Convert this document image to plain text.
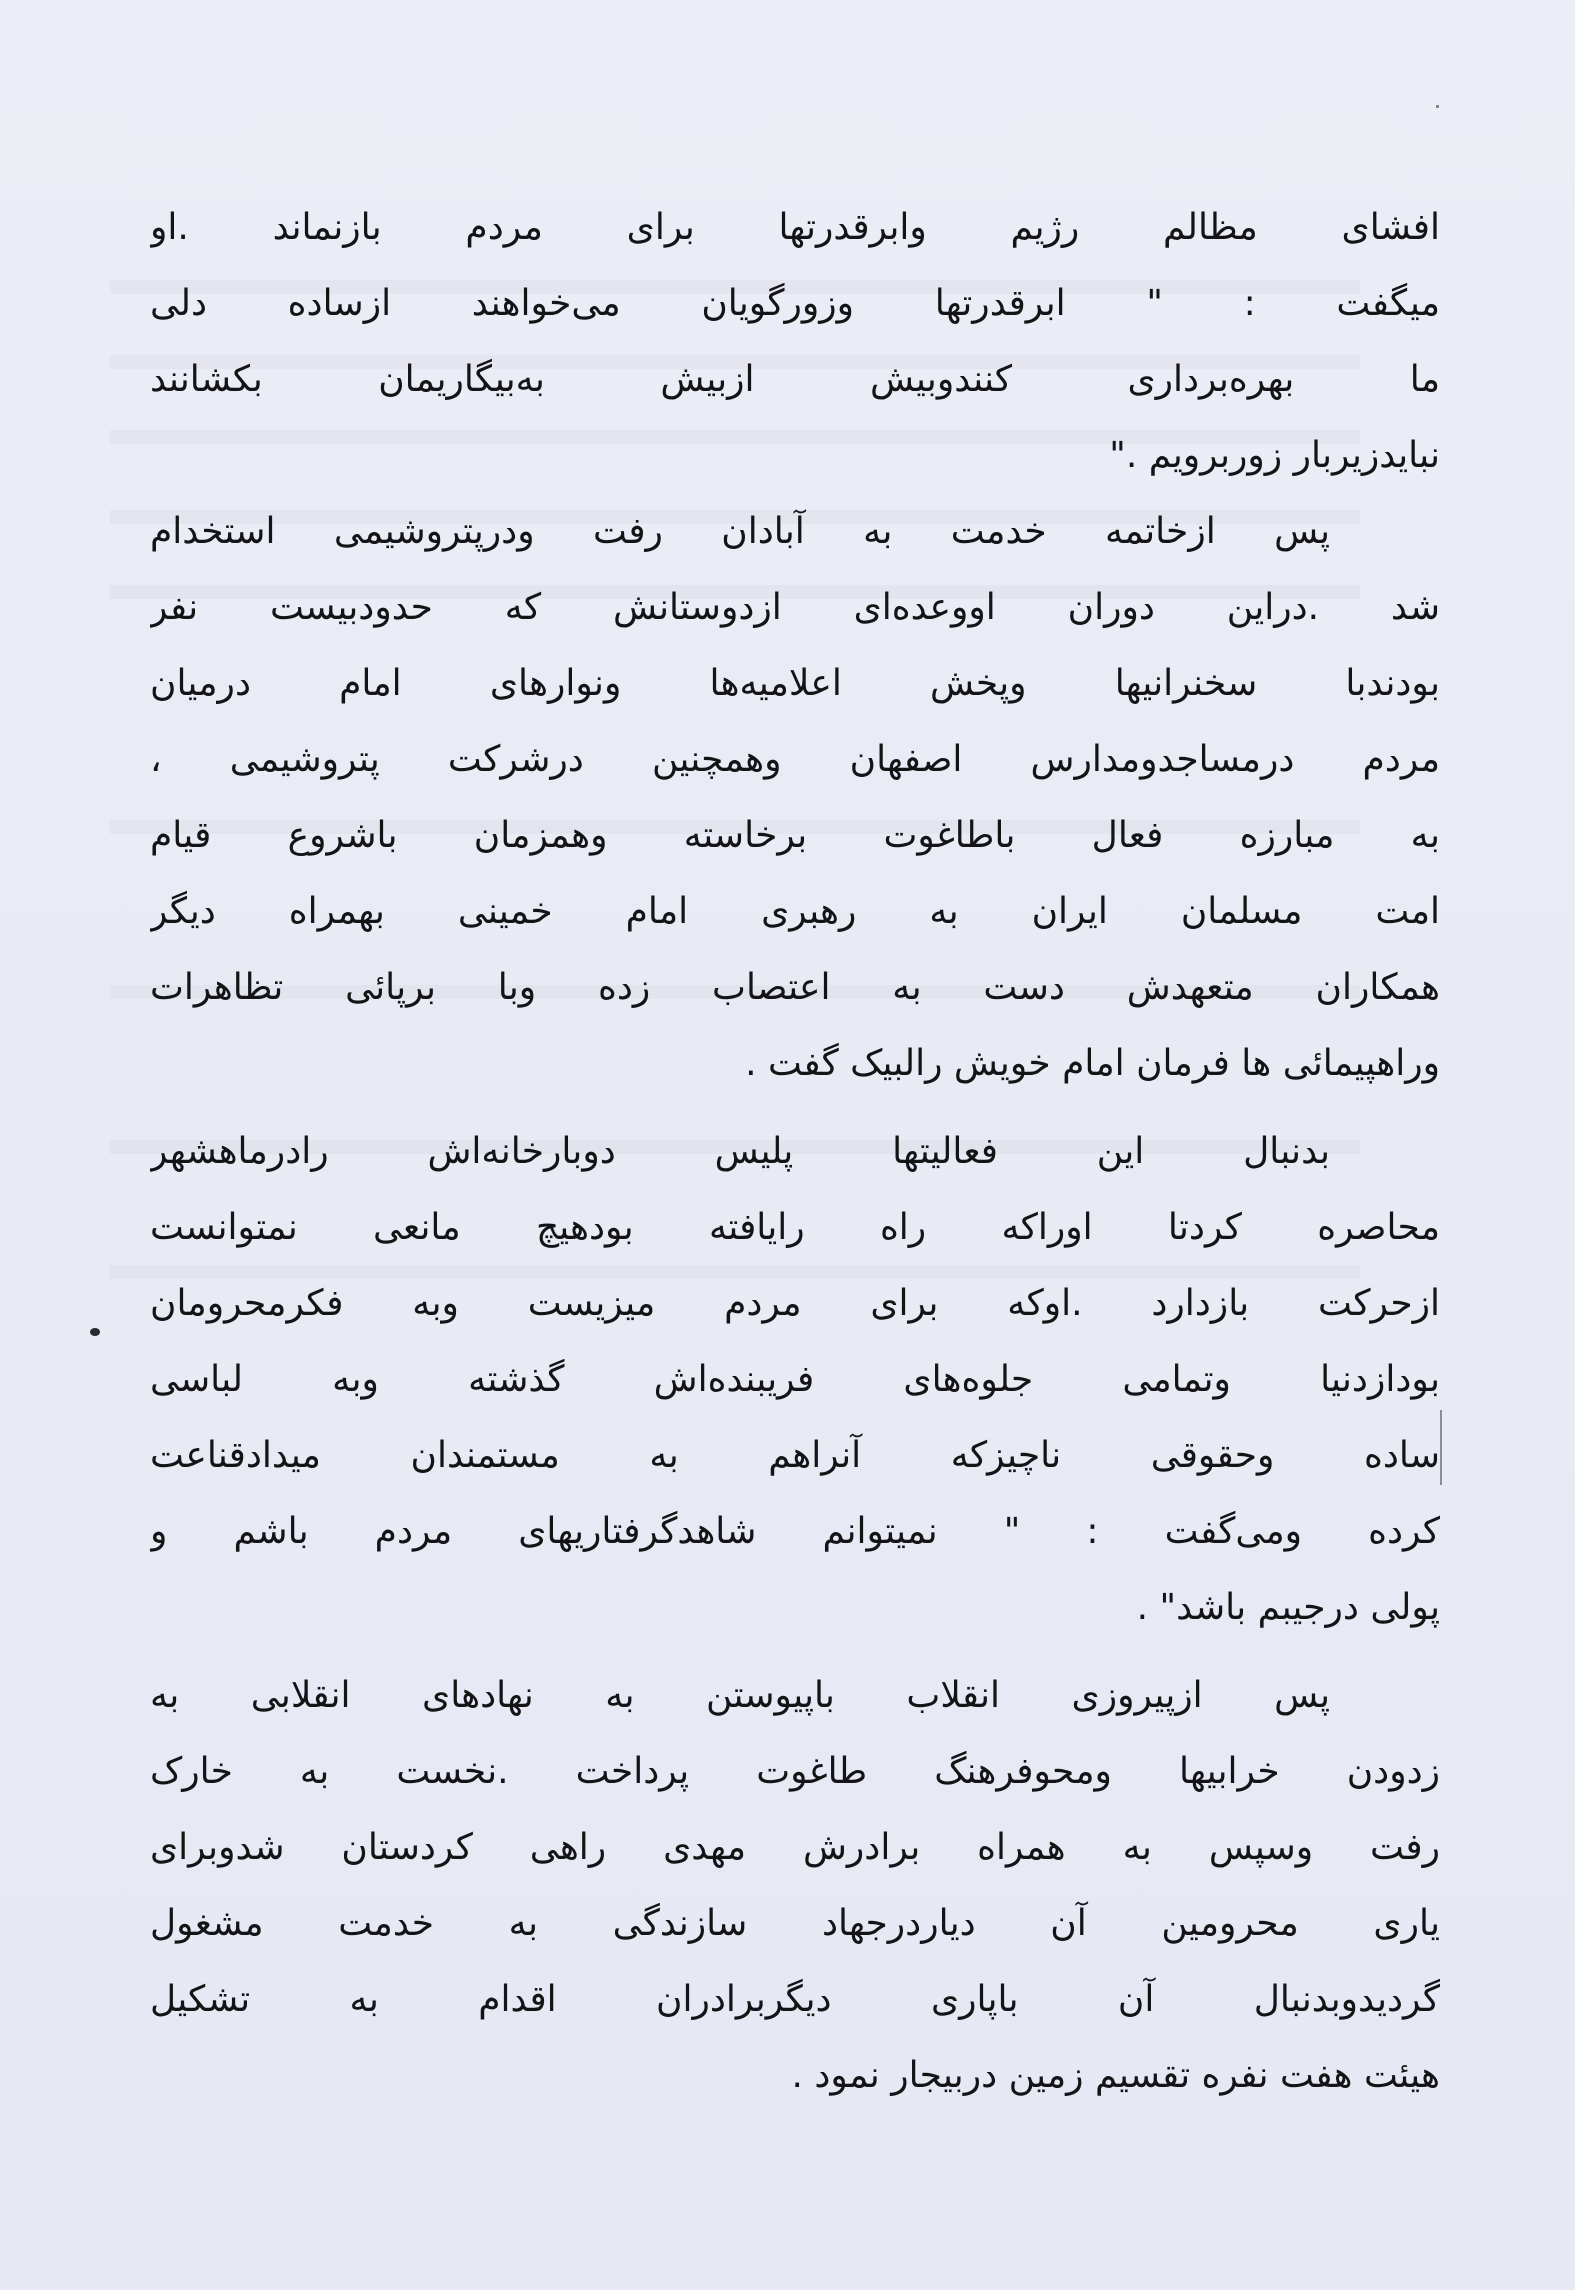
افشای مظالم رژیم وابرقدرتها برای مردم بازنماند .او
میگفت : " ابرقدرتها وزورگویان می‌خواهند ازساده دلی
ما بهره‌برداری کنندوبیش ازبیش به‌بیگاریمان بکشانند
نبایدزیربار زوربرویم ."
پس ازخاتمه خدمت به آبادان رفت ودرپتروشیمی استخدام
شد .دراین دوران اووعده‌ای ازدوستانش که حدودبیست نفر
بودندبا سخنرانیها وپخش اعلامیه‌ها ونوارهای امام درمیان
مردم درمساجدومدارس اصفهان وهمچنین درشرکت پتروشیمی ،
به مبارزه فعال باطاغوت برخاسته وهمزمان باشروع قیام
امت مسلمان ایران به رهبری امام خمینی بهمراه دیگر
همکاران متعهدش دست به اعتصاب زده وبا برپائی تظاهرات
وراهپیمائی ها فرمان امام خویش رالبیک گفت .
بدنبال این فعالیتها پلیس دوبارخانه‌اش رادرماهشهر
محاصره کردتا اوراکه راه رایافته بودهیچ مانعی نمتوانست
ازحرکت بازدارد .اوکه برای مردم میزیست وبه فکرمحرومان
بودازدنیا وتمامی جلوه‌های فریبنده‌اش گذشته وبه لباسی
ساده وحقوقی ناچیزکه آنراهم به مستمندان میدادقناعت
کرده ومی‌گفت : " نمیتوانم شاهدگرفتاریهای مردم باشم و
پولی درجیبم باشد" .
پس ازپیروزی انقلاب باپیوستن به نهادهای انقلابی به
زدودن خرابیها ومحوفرهنگ طاغوت پرداخت .نخست به خارک
رفت وسپس به همراه برادرش مهدی راهی کردستان شدوبرای
یاری محرومین آن دیاردرجهاد سازندگی به خدمت مشغول
گردیدوبدنبال آن باپاری دیگربرادران اقدام به تشکیل
هیئت هفت نفره تقسیم زمین دربیجار نمود .
